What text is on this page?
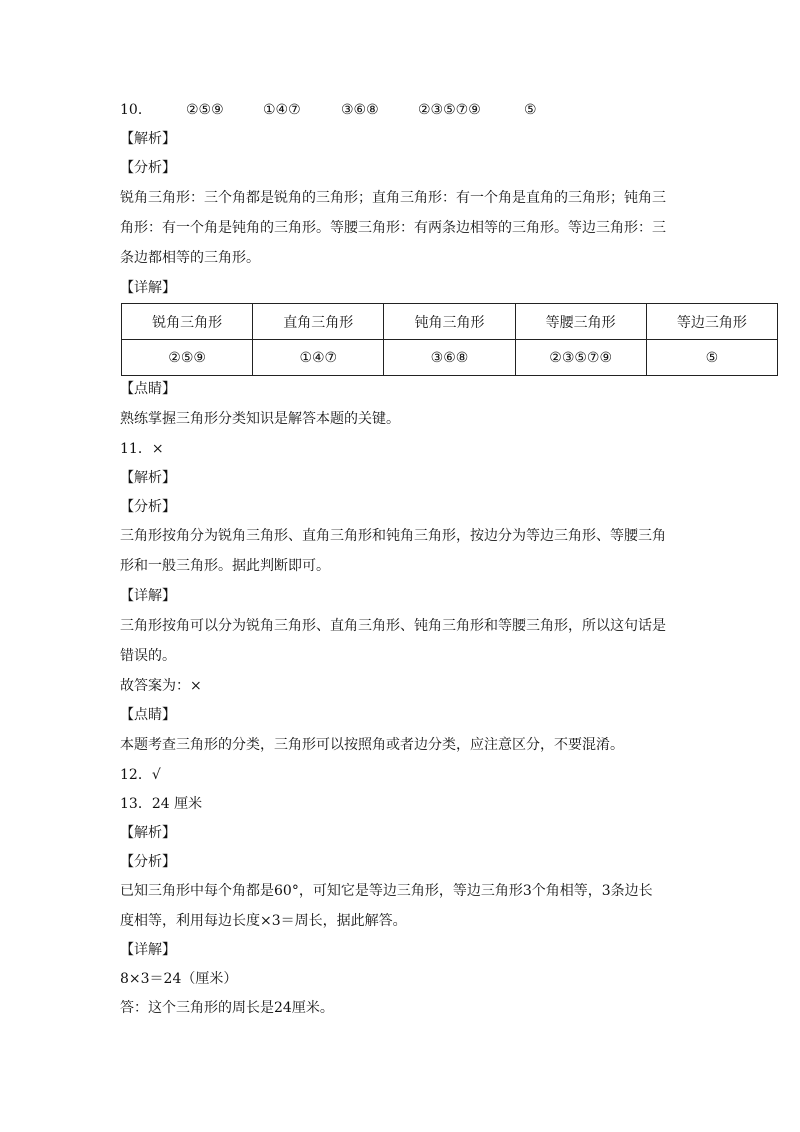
10． ②⑤⑨	①④⑦	③⑥⑧	②③⑤⑦⑨	⑤
【解析】
【分析】
锐角三角形：三个角都是锐角的三角形；直角三角形：有一个角是直角的三角形；钝角三
角形：有一个角是钝角的三角形。等腰三角形：有两条边相等的三角形。等边三角形：三
条边都相等的三角形。
【详解】
锐角三角形	直角三角形	钝角三角形	等腰三角形	等边三角形
②⑤⑨	①④⑦	③⑥⑧	②③⑤⑦⑨	⑤
【点睛】
熟练掌握三角形分类知识是解答本题的关键。
11．×
【解析】
【分析】
三角形按角分为锐角三角形、直角三角形和钝角三角形，按边分为等边三角形、等腰三角
形和一般三角形。据此判断即可。
【详解】
三角形按角可以分为锐角三角形、直角三角形、钝角三角形和等腰三角形，所以这句话是
错误的。
故答案为：×
【点睛】
本题考查三角形的分类，三角形可以按照角或者边分类，应注意区分，不要混淆。
12．√
13．24 厘米
【解析】
【分析】
已知三角形中每个角都是60°，可知它是等边三角形，等边三角形3个角相等，3条边长
度相等，利用每边长度×3＝周长，据此解答。
【详解】
8×3＝24（厘米）
答：这个三角形的周长是24厘米。
